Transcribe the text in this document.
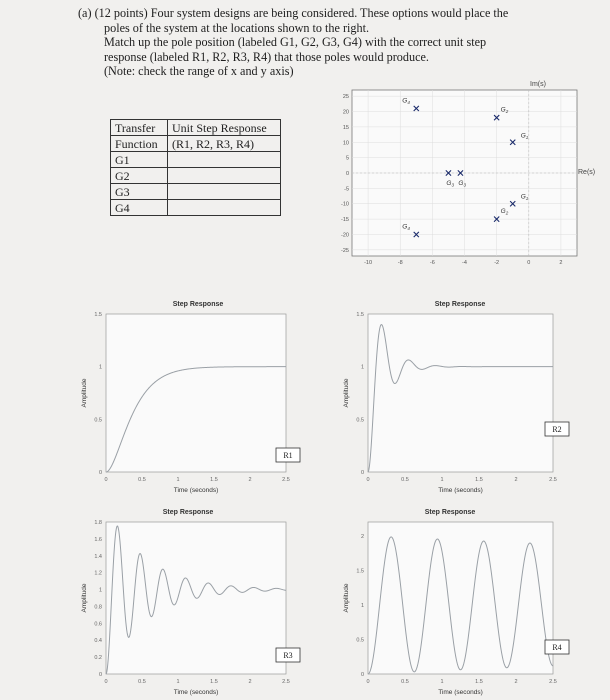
(a) (12 points) Four system designs are being considered. These options would place the
poles of the system at the locations shown to the right.
Match up the pole position (labeled G1, G2, G3, G4) with the correct unit step
response (labeled R1, R2, R3, R4) that those poles would produce.
(Note: check the range of x and y axis)
Transfer	Unit Step Response
Function	(R1, R2, R3, R4)
G1	
G2	
G3	
G4	
Im(s)
Re(s)
25
20
15
10
5
0
-5
-10
-15
-20
-25
-10	-8	-6	-4	-2	0	2
$G_1$
$G_1$
$G_2$
$G_2$
$G_3$ $G_3$
$G_4$
$G_4$
Step Response
Time (seconds)
Amplitude
1.5
1
0.5
0
0	0.5	1	1.5	2	2.5
R1
Step Response
Time (seconds)
Amplitude
1.5
1
0.5
0
0	0.5	1	1.5	2	2.5
R2
Step Response
Time (seconds)
Amplitude
1.8
1.6
1.4
1.2
1
0.8
0.6
0.4
0.2
0
0	0.5	1	1.5	2	2.5
R3
Step Response
Time (seconds)
Amplitude
2
1.5
1
0.5
0
0	0.5	1	1.5	2	2.5
R4
